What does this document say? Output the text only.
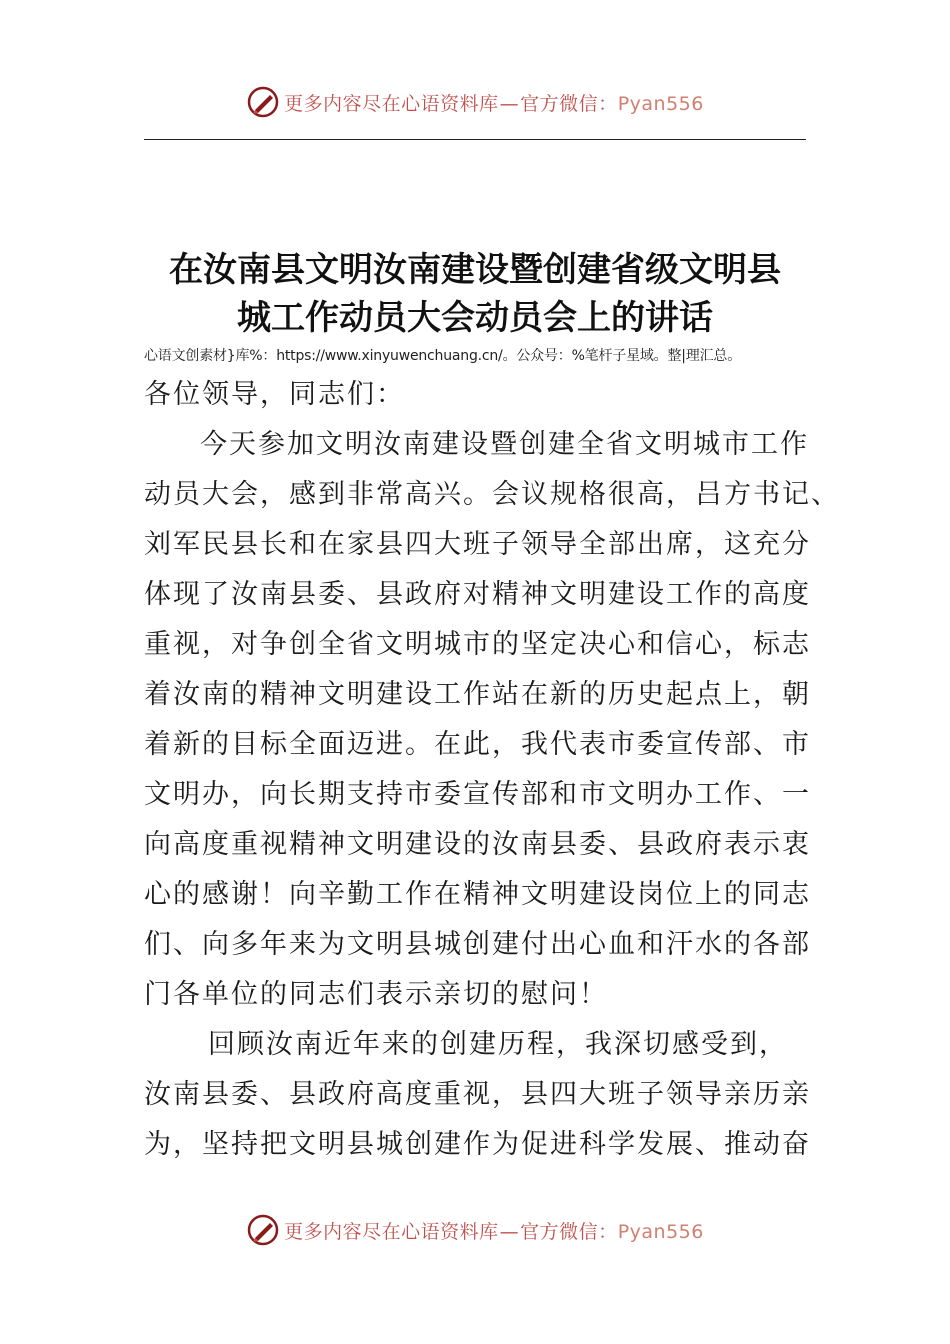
更多内容尽在心语资料库—官方微信：Pyan556
在汝南县文明汝南建设暨创建省级文明县
城工作动员大会动员会上的讲话
心语文创素材}库%：https://www.xinyuwenchuang.cn/。公众号：%笔杆子星域。整|理汇总。
各位领导，同志们：
今天参加文明汝南建设暨创建全省文明城市工作
动员大会，感到非常高兴。会议规格很高，吕方书记、
刘军民县长和在家县四大班子领导全部出席，这充分
体现了汝南县委、县政府对精神文明建设工作的高度
重视，对争创全省文明城市的坚定决心和信心，标志
着汝南的精神文明建设工作站在新的历史起点上，朝
着新的目标全面迈进。在此，我代表市委宣传部、市
文明办，向长期支持市委宣传部和市文明办工作、一
向高度重视精神文明建设的汝南县委、县政府表示衷
心的感谢！向辛勤工作在精神文明建设岗位上的同志
们、向多年来为文明县城创建付出心血和汗水的各部
门各单位的同志们表示亲切的慰问！
回顾汝南近年来的创建历程，我深切感受到，
汝南县委、县政府高度重视，县四大班子领导亲历亲
为，坚持把文明县城创建作为促进科学发展、推动奋
更多内容尽在心语资料库—官方微信：Pyan556
